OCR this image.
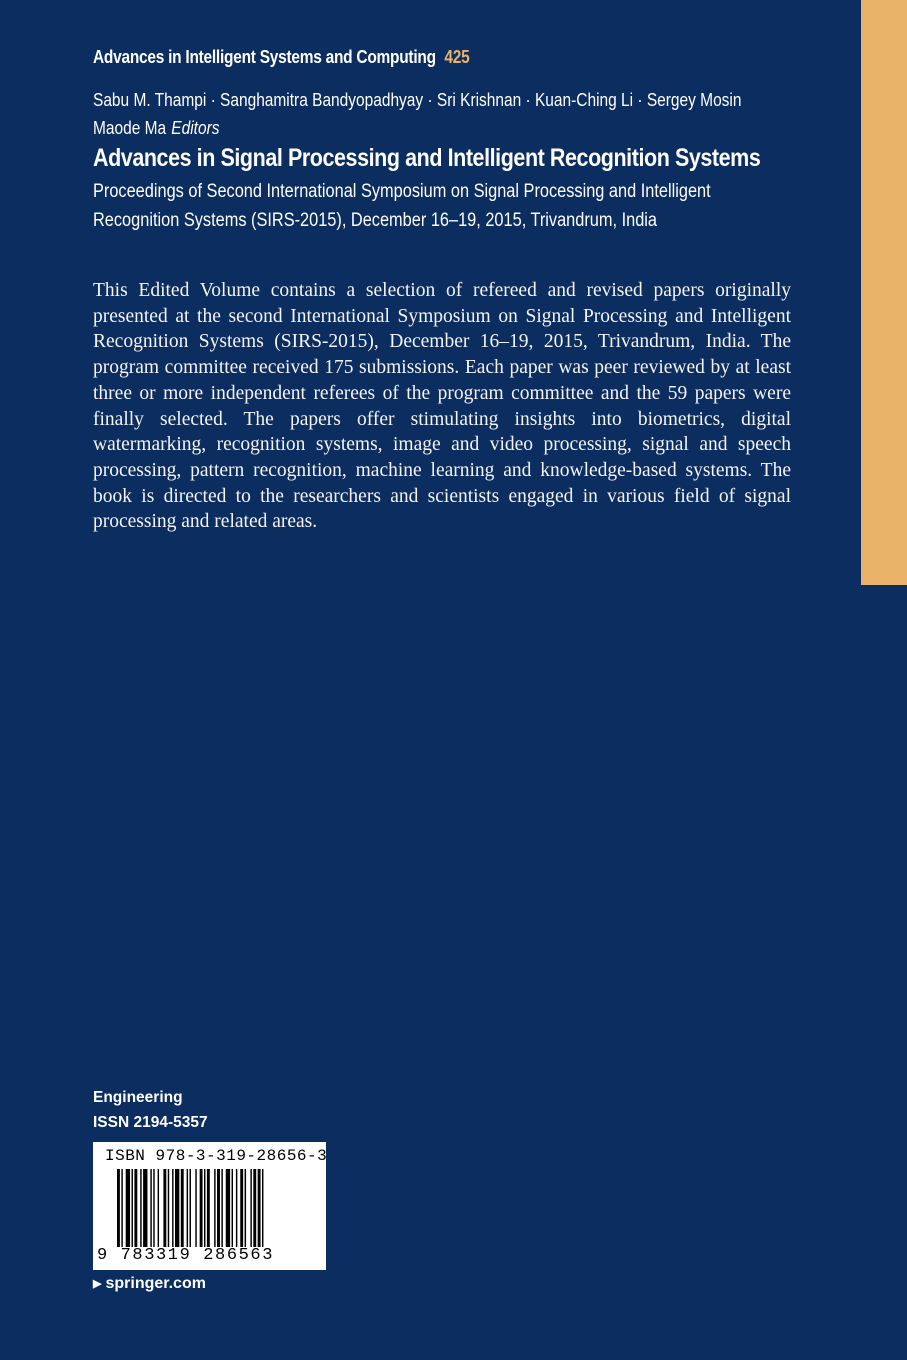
Advances in Intelligent Systems and Computing 425
Sabu M. Thampi · Sanghamitra Bandyopadhyay · Sri Krishnan · Kuan-Ching Li · Sergey Mosin
Maode Ma Editors
Advances in Signal Processing and Intelligent Recognition Systems
Proceedings of Second International Symposium on Signal Processing and Intelligent Recognition Systems (SIRS-2015), December 16–19, 2015, Trivandrum, India
This Edited Volume contains a selection of refereed and revised papers originally presented at the second International Symposium on Signal Processing and Intelligent Recognition Systems (SIRS-2015), December 16–19, 2015, Trivandrum, India. The program committee received 175 submissions. Each paper was peer reviewed by at least three or more independent referees of the program committee and the 59 papers were finally selected. The papers offer stimulating insights into biometrics, digital watermarking, recognition systems, image and video processing, signal and speech processing, pattern recognition, machine learning and knowledge-based systems. The book is directed to the researchers and scientists engaged in various field of signal processing and related areas.
Engineering
ISSN 2194-5357
ISBN 978-3-319-28656-3
9 783319 286563
▶ springer.com
